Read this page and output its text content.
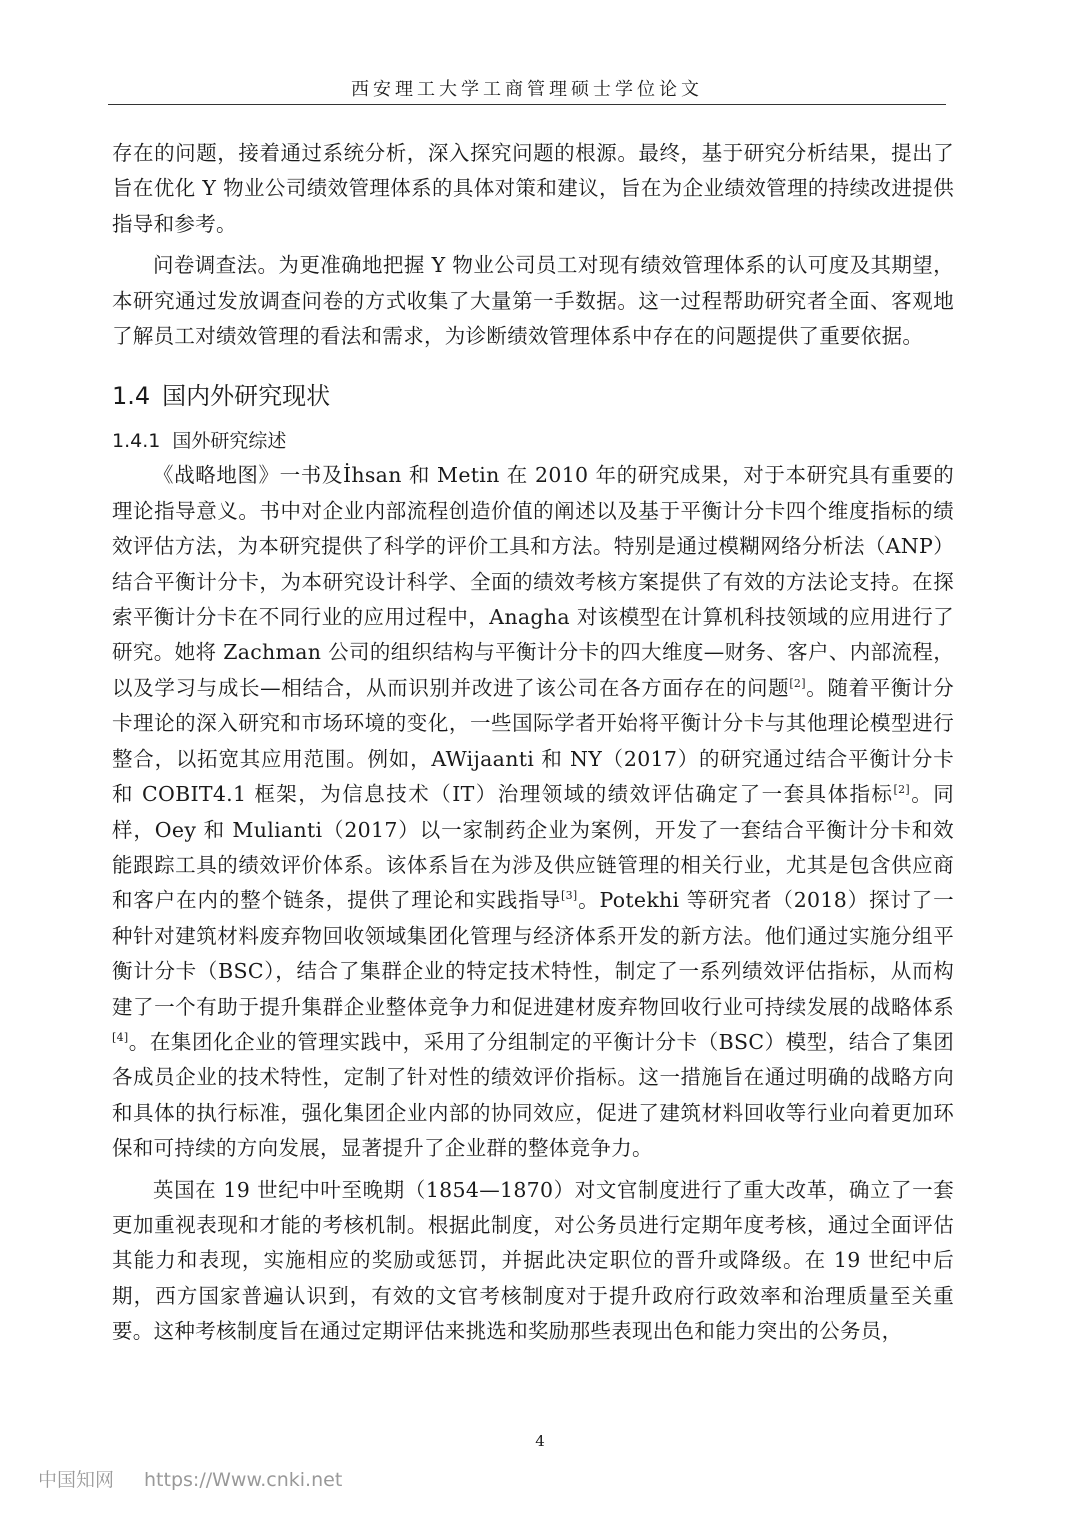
西安理工大学工商管理硕士学位论文

存在的问题，接着通过系统分析，深入探究问题的根源。最终，基于研究分析结果，提出了旨在优化 Y 物业公司绩效管理体系的具体对策和建议，旨在为企业绩效管理的持续改进提供指导和参考。

问卷调查法。为更准确地把握 Y 物业公司员工对现有绩效管理体系的认可度及其期望，本研究通过发放调查问卷的方式收集了大量第一手数据。这一过程帮助研究者全面、客观地了解员工对绩效管理的看法和需求，为诊断绩效管理体系中存在的问题提供了重要依据。

1.4 国内外研究现状
1.4.1 国外研究综述

《战略地图》一书及İhsan 和 Metin 在 2010 年的研究成果，对于本研究具有重要的理论指导意义。书中对企业内部流程创造价值的阐述以及基于平衡计分卡四个维度指标的绩效评估方法，为本研究提供了科学的评价工具和方法。特别是通过模糊网络分析法（ANP）结合平衡计分卡，为本研究设计科学、全面的绩效考核方案提供了有效的方法论支持。在探索平衡计分卡在不同行业的应用过程中，Anagha 对该模型在计算机科技领域的应用进行了研究。她将 Zachman 公司的组织结构与平衡计分卡的四大维度—财务、客户、内部流程，以及学习与成长—相结合，从而识别并改进了该公司在各方面存在的问题[2]。随着平衡计分卡理论的深入研究和市场环境的变化，一些国际学者开始将平衡计分卡与其他理论模型进行整合，以拓宽其应用范围。例如，AWijaanti 和 NY（2017）的研究通过结合平衡计分卡和 COBIT4.1 框架，为信息技术（IT）治理领域的绩效评估确定了一套具体指标[2]。同样，Oey 和 Mulianti（2017）以一家制药企业为案例，开发了一套结合平衡计分卡和效能跟踪工具的绩效评价体系。该体系旨在为涉及供应链管理的相关行业，尤其是包含供应商和客户在内的整个链条，提供了理论和实践指导[3]。Potekhi 等研究者（2018）探讨了一种针对建筑材料废弃物回收领域集团化管理与经济体系开发的新方法。他们通过实施分组平衡计分卡（BSC），结合了集群企业的特定技术特性，制定了一系列绩效评估指标，从而构建了一个有助于提升集群企业整体竞争力和促进建材废弃物回收行业可持续发展的战略体系[4]。在集团化企业的管理实践中，采用了分组制定的平衡计分卡（BSC）模型，结合了集团各成员企业的技术特性，定制了针对性的绩效评价指标。这一措施旨在通过明确的战略方向和具体的执行标准，强化集团企业内部的协同效应，促进了建筑材料回收等行业向着更加环保和可持续的方向发展，显著提升了企业群的整体竞争力。

英国在 19 世纪中叶至晚期（1854—1870）对文官制度进行了重大改革，确立了一套更加重视表现和才能的考核机制。根据此制度，对公务员进行定期年度考核，通过全面评估其能力和表现，实施相应的奖励或惩罚，并据此决定职位的晋升或降级。在 19 世纪中后期，西方国家普遍认识到，有效的文官考核制度对于提升政府行政效率和治理质量至关重要。这种考核制度旨在通过定期评估来挑选和奖励那些表现出色和能力突出的公务员，

4
中国知网 https://Www.cnki.net
